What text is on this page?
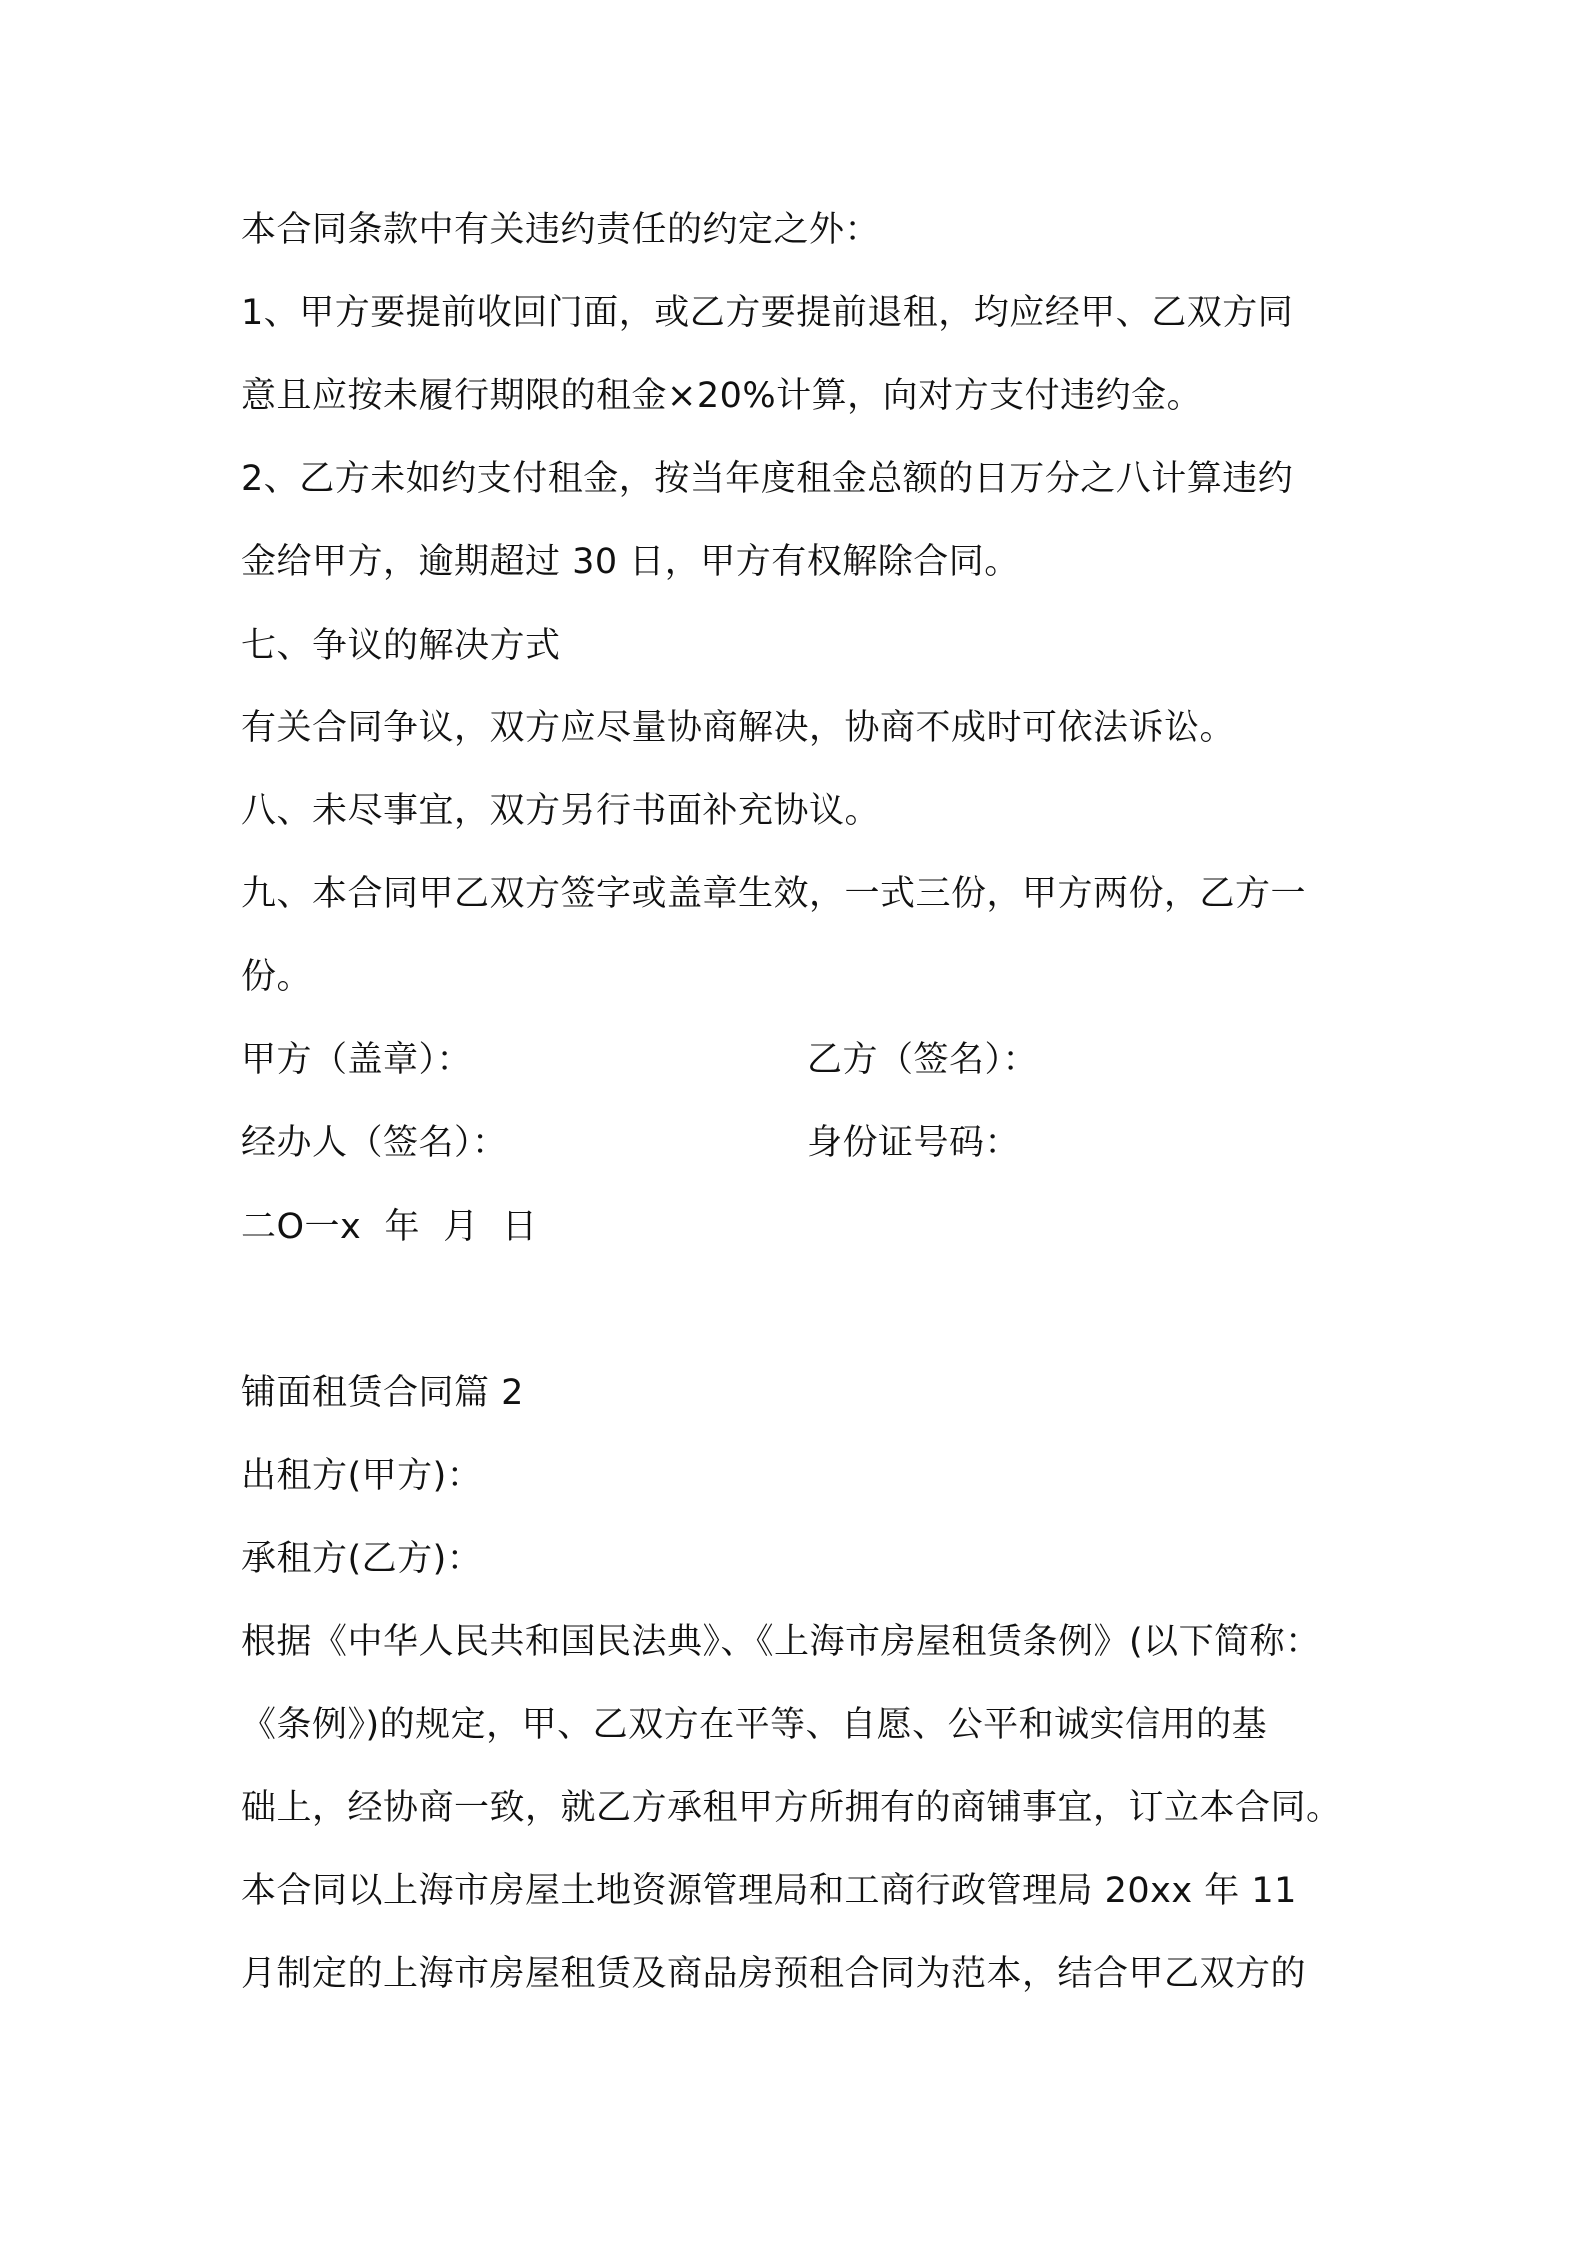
本合同条款中有关违约责任的约定之外：
1、甲方要提前收回门面，或乙方要提前退租，均应经甲、乙双方同
意且应按未履行期限的租金×20%计算，向对方支付违约金。
2、乙方未如约支付租金，按当年度租金总额的日万分之八计算违约
金给甲方，逾期超过 30 日，甲方有权解除合同。
七、争议的解决方式
有关合同争议，双方应尽量协商解决，协商不成时可依法诉讼。
八、未尽事宜，双方另行书面补充协议。
九、本合同甲乙双方签字或盖章生效，一式三份，甲方两份，乙方一
份。
甲方（盖章）：	乙方（签名）：
经办人（签名）：	身份证号码：
二O一x  年  月  日
铺面租赁合同篇 2
出租方(甲方)：
承租方(乙方)：
根据《中华人民共和国民法典》、《上海市房屋租赁条例》(以下简称：
《条例》)的规定，甲、乙双方在平等、自愿、公平和诚实信用的基
础上，经协商一致，就乙方承租甲方所拥有的商铺事宜，订立本合同。
本合同以上海市房屋土地资源管理局和工商行政管理局 20xx 年 11
月制定的上海市房屋租赁及商品房预租合同为范本，结合甲乙双方的
